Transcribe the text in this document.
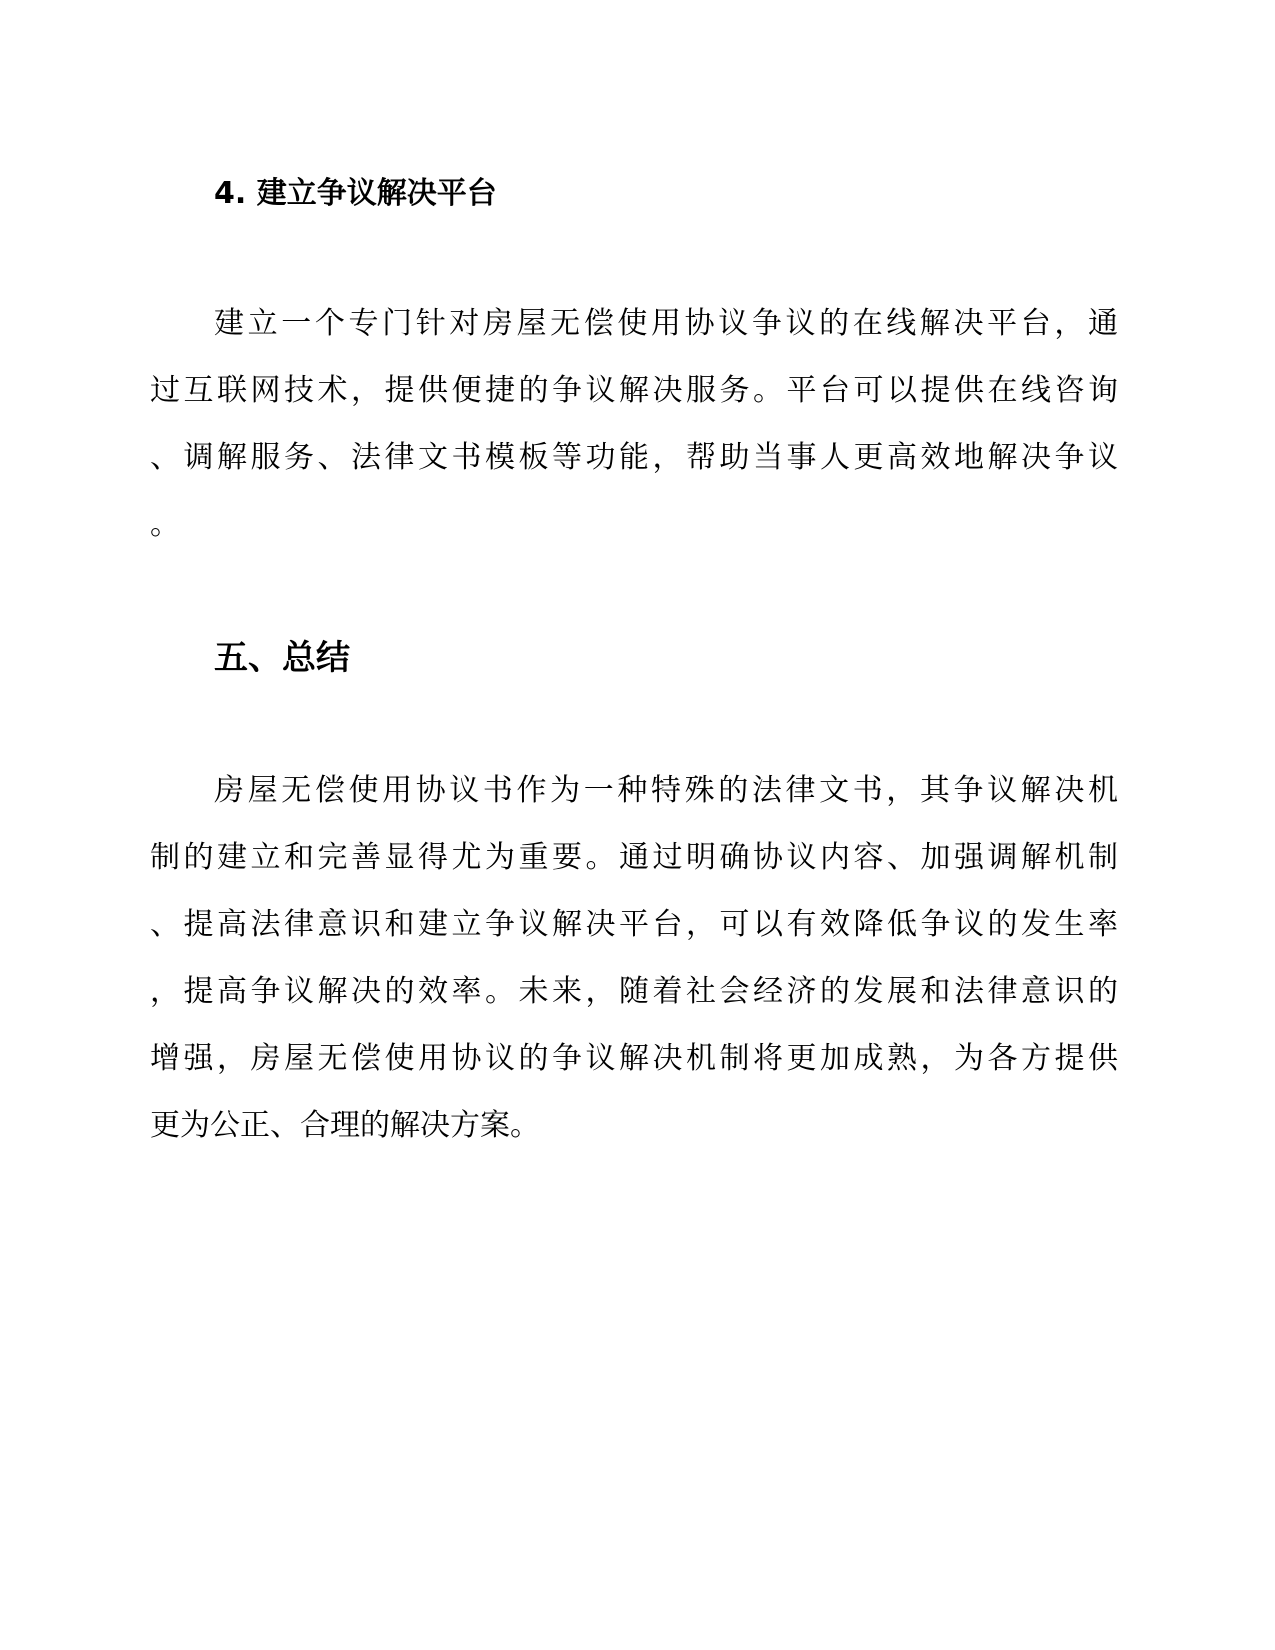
4. 建立争议解决平台

建立一个专门针对房屋无偿使用协议争议的在线解决平台，通
过互联网技术，提供便捷的争议解决服务。平台可以提供在线咨询
、调解服务、法律文书模板等功能，帮助当事人更高效地解决争议
。

五、总结

房屋无偿使用协议书作为一种特殊的法律文书，其争议解决机
制的建立和完善显得尤为重要。通过明确协议内容、加强调解机制
、提高法律意识和建立争议解决平台，可以有效降低争议的发生率
，提高争议解决的效率。未来，随着社会经济的发展和法律意识的
增强，房屋无偿使用协议的争议解决机制将更加成熟，为各方提供
更为公正、合理的解决方案。
